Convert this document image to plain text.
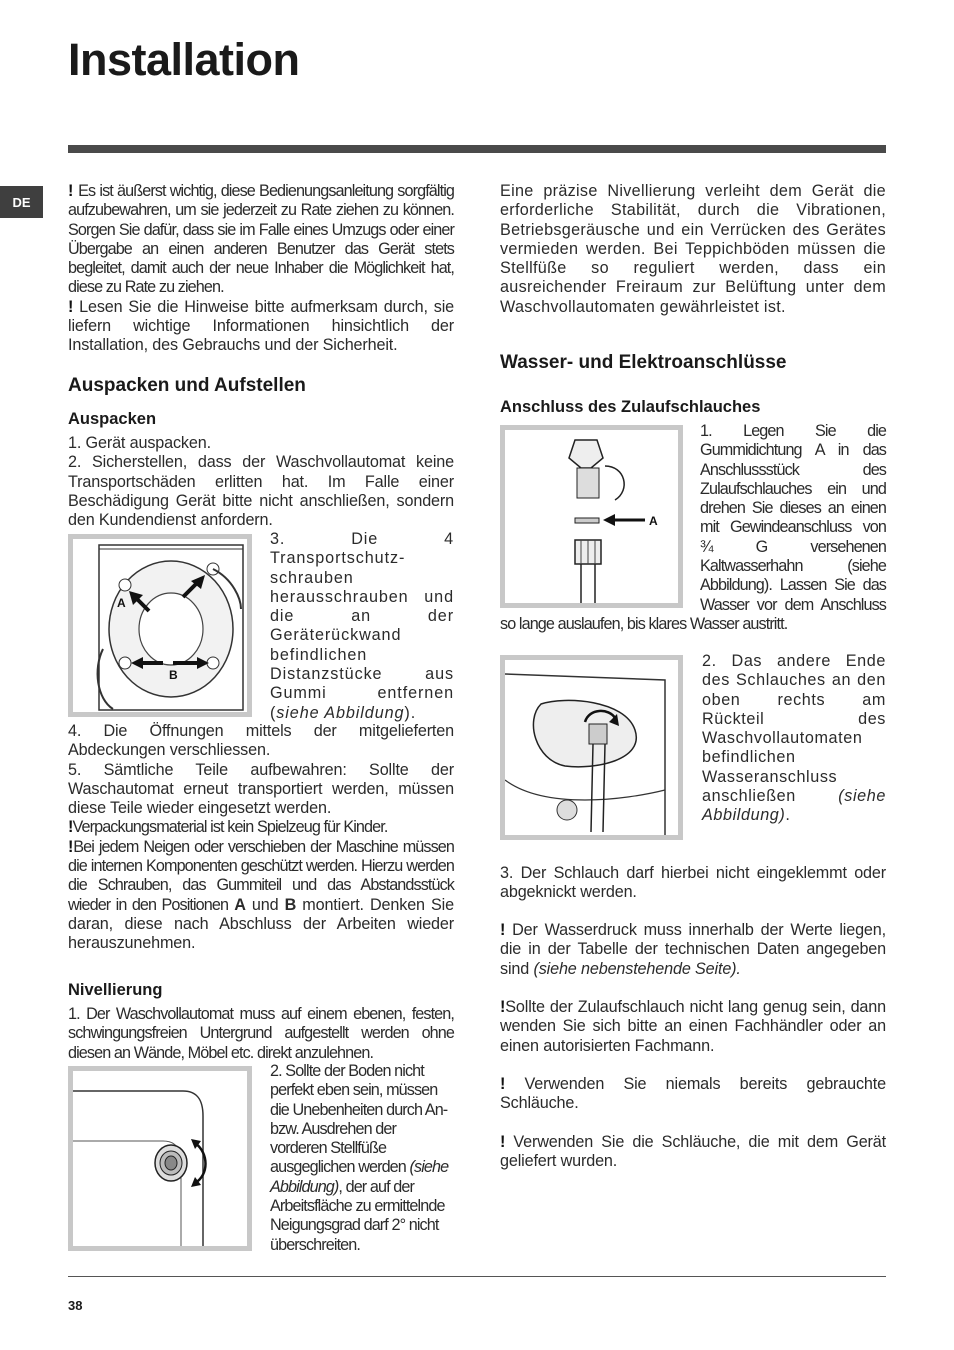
Installation
DE

! Es ist äußerst wichtig, diese Bedienungsanleitung sorgfältig aufzubewahren, um sie jederzeit zu Rate ziehen zu können. Sorgen Sie dafür, dass sie im Falle eines Umzugs oder einer Übergabe an einen anderen Benutzer das Gerät stets begleitet, damit auch der neue Inhaber die Möglichkeit hat, diese zu Rate zu ziehen.

! Lesen Sie die Hinweise bitte aufmerksam durch, sie liefern wichtige Informationen hinsichtlich der Installation, des Gebrauchs und der Sicherheit.

Auspacken und Aufstellen
Auspacken

1. Gerät auspacken.

2. Sicherstellen, dass der Waschvollautomat keine Transportschäden erlitten hat. Im Falle einer Beschädigung Gerät bitte nicht anschließen, sondern den Kundendienst anfordern.

A
B

3. Die 4 Transportschutz-schrauben herausschrauben und die an der Geräterückwand befindlichen Distanzstücke aus Gummi entfernen (siehe Abbildung).

4. Die Öffnungen mittels der mitgelieferten Abdeckungen verschliessen.

5. Sämtliche Teile aufbewahren: Sollte der Waschautomat erneut transportiert werden, müssen diese Teile wieder eingesetzt werden.

!Verpackungsmaterial ist kein Spielzeug für Kinder.

!Bei jedem Neigen oder verschieben der Maschine müssen die internen Komponenten geschützt werden. Hierzu werden die Schrauben, das Gummiteil und das Abstandsstück wieder in den Positionen A und B montiert. Denken Sie daran, diese nach Abschluss der Arbeiten wieder herauszunehmen.

Nivellierung
1. Der Waschvollautomat muss auf einem ebenen, festen, schwingungsfreien Untergrund aufgestellt werden ohne diesen an Wände, Möbel etc. direkt anzulehnen.

2. Sollte der Boden nicht perfekt eben sein, müssen die Unebenheiten durch An- bzw. Ausdrehen der vorderen Stellfüße ausgeglichen werden (siehe Abbildung), der auf der Arbeitsfläche zu ermittelnde Neigungsgrad darf 2° nicht überschreiten.

Eine präzise Nivellierung verleiht dem Gerät die erforderliche Stabilität, durch die Vibrationen, Betriebsgeräusche und ein Verrücken des Gerätes vermieden werden. Bei Teppichböden müssen die Stellfüße so reguliert werden, dass ein ausreichender Freiraum zur Belüftung unter dem Waschvollautomaten gewährleistet ist.
Wasser- und Elektroanschlüsse
Anschluss des Zulaufschlauches
A

1. Legen Sie die Gummidichtung A in das Anschlussstück des Zulaufschlauches ein und drehen Sie dieses an einen mit Gewindeanschluss von ¾ G versehenen Kaltwasserhahn (siehe Abbildung). Lassen Sie das Wasser vor dem Anschluss so lange auslaufen, bis klares Wasser austritt.

2. Das andere Ende des Schlauches an den oben rechts am Rückteil des Waschvollautomaten befindlichen Wasseranschluss anschließen	(siehe Abbildung).

3. Der Schlauch darf hierbei nicht eingeklemmt oder abgeknickt werden.

! Der Wasserdruck muss innerhalb der Werte liegen, die in der Tabelle der technischen Daten angegeben sind (siehe nebenstehende Seite).

!Sollte der Zulaufschlauch nicht lang genug sein, dann wenden Sie sich bitte an einen Fachhändler oder an einen autorisierten Fachmann.

! Verwenden Sie niemals bereits gebrauchte Schläuche.

! Verwenden Sie die Schläuche, die mit dem Gerät geliefert wurden.

38
